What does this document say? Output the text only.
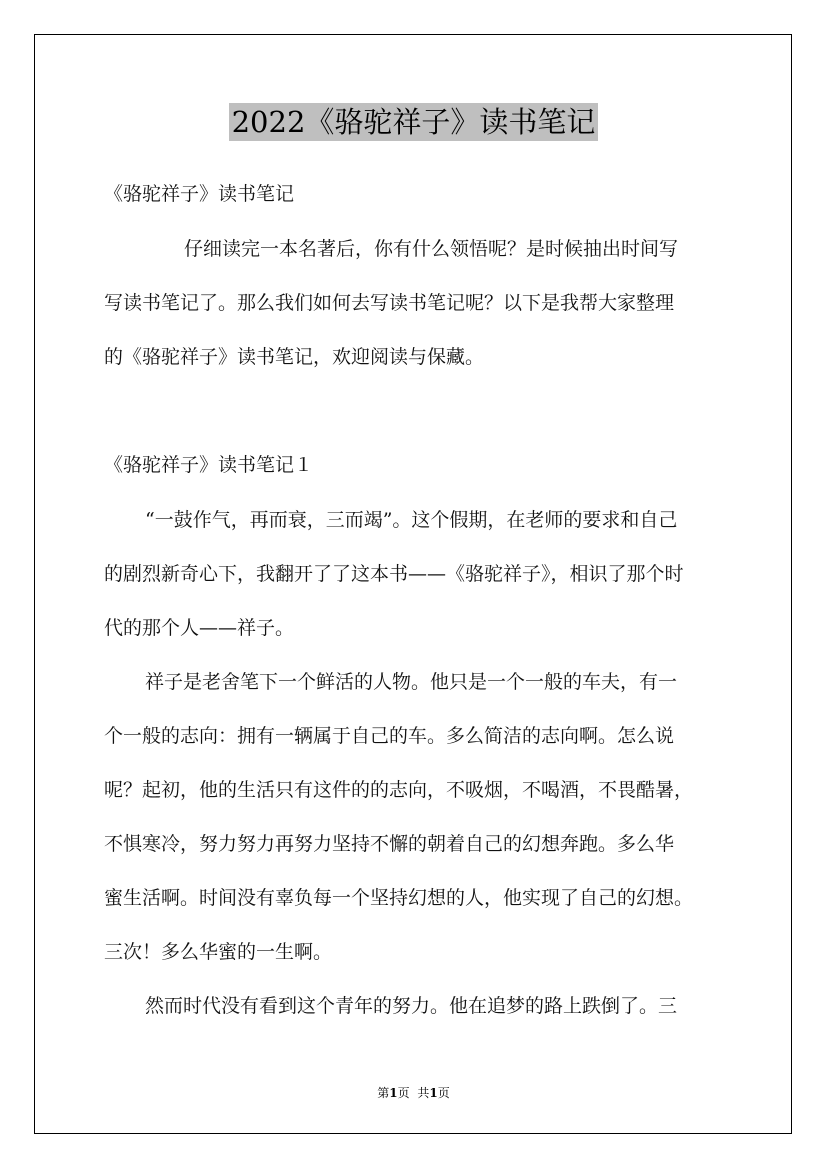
2022《骆驼祥子》读书笔记
《骆驼祥子》读书笔记
仔细读完一本名著后，你有什么领悟呢？是时候抽出时间写
写读书笔记了。那么我们如何去写读书笔记呢？以下是我帮大家整理
的《骆驼祥子》读书笔记，欢迎阅读与保藏。
《骆驼祥子》读书笔记１
“一鼓作气，再而衰，三而竭”。这个假期，在老师的要求和自己
的剧烈新奇心下，我翻开了了这本书——《骆驼祥子》，相识了那个时
代的那个人——祥子。
祥子是老舍笔下一个鲜活的人物。他只是一个一般的车夫，有一
个一般的志向：拥有一辆属于自己的车。多么简洁的志向啊。怎么说
呢？起初，他的生活只有这件的的志向，不吸烟，不喝酒，不畏酷暑，
不惧寒冷，努力努力再努力坚持不懈的朝着自己的幻想奔跑。多么华
蜜生活啊。时间没有辜负每一个坚持幻想的人，他实现了自己的幻想。
三次！多么华蜜的一生啊。
然而时代没有看到这个青年的努力。他在追梦的路上跌倒了。三
第1页 共1页
